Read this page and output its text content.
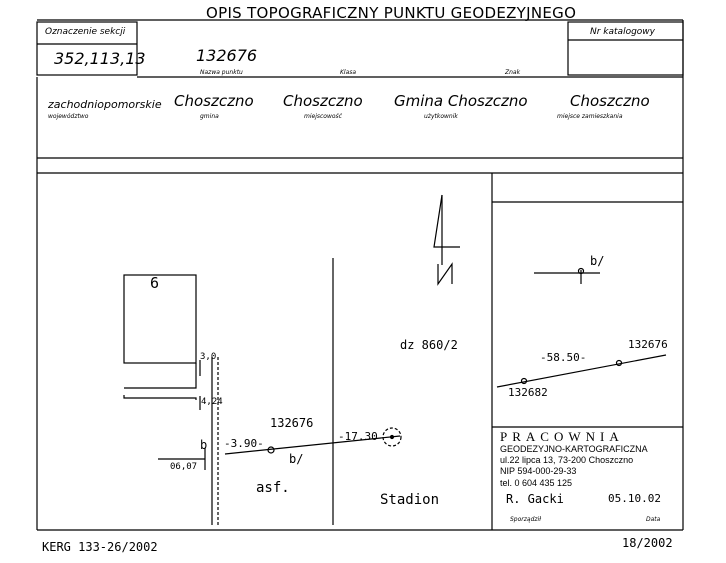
OPIS TOPOGRAFICZNY PUNKTU GEODEZYJNEGO
Oznaczenie sekcji
352,113,13
Nr katalogowy
132676
Nazwa punktu	Klasa	Znak
zachodniopomorskie
województwo
Choszczno
gmina
Choszczno
miejscowość
Gmina Choszczno
użytkownik
Choszczno
miejsce zamieszkania
6
3,0
4,24
b
06,07
-3.90-
132676
-17.30
b/
asf.
dz 860/2
Stadion
b/
-58.50-
132676
132682
PRACOWNIA
GEODEZYJNO-KARTOGRAFICZNA
ul.22 lipca 13, 73-200 Choszczno
NIP 594-000-29-33
tel. 0 604 435 125
R. Gacki	05.10.02
Sporządził	Data
KERG 133-26/2002	18/2002
